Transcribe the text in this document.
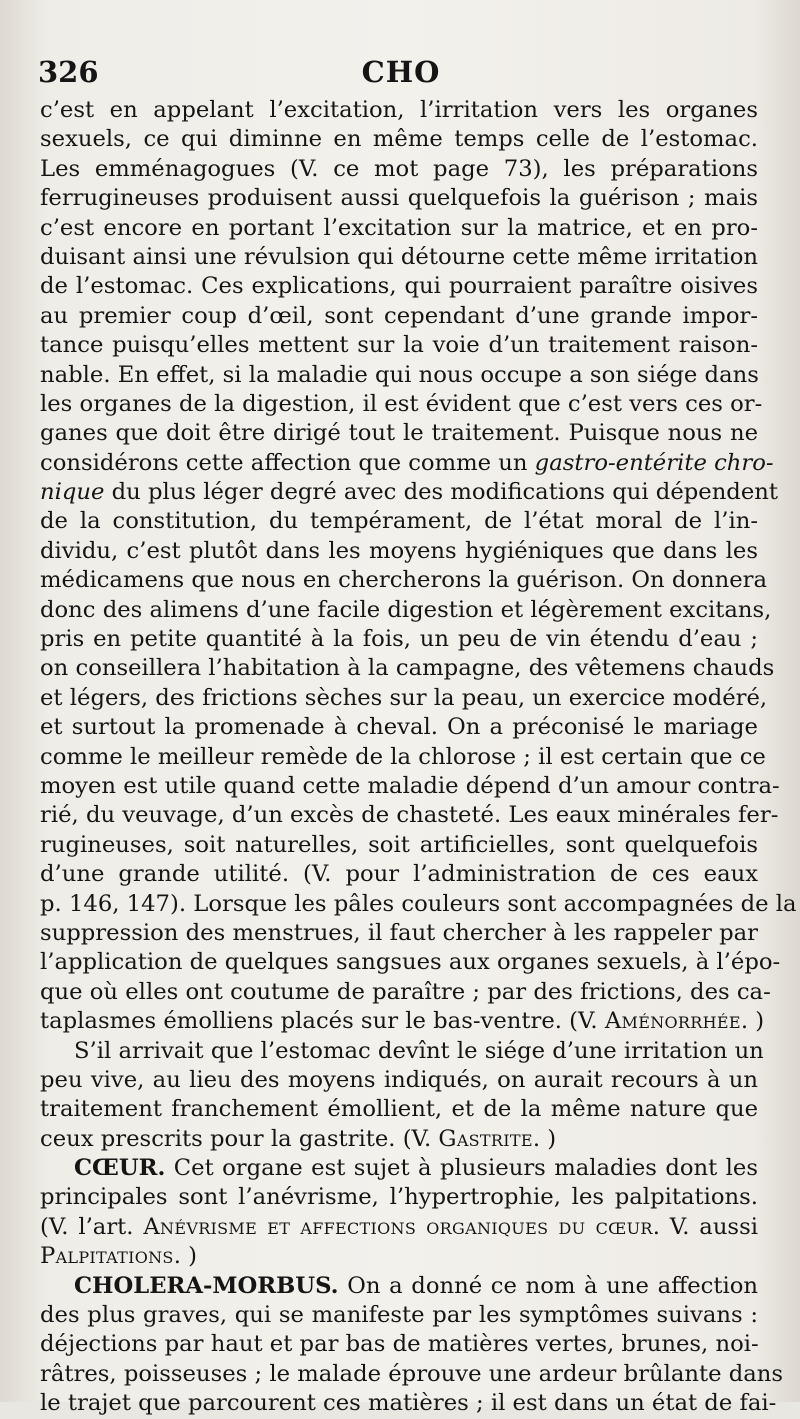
326	CHO
c’est en appelant l’excitation, l’irritation vers les organes
sexuels, ce qui diminne en même temps celle de l’estomac.
Les emménagogues (V. ce mot page 73), les préparations
ferrugineuses produisent aussi quelquefois la guérison ; mais
c’est encore en portant l’excitation sur la matrice, et en pro-
duisant ainsi une révulsion qui détourne cette même irritation
de l’estomac. Ces explications, qui pourraient paraître oisives
au premier coup d’œil, sont cependant d’une grande impor-
tance puisqu’elles mettent sur la voie d’un traitement raison-
nable. En effet, si la maladie qui nous occupe a son siége dans
les organes de la digestion, il est évident que c’est vers ces or-
ganes que doit être dirigé tout le traitement. Puisque nous ne
considérons cette affection que comme un gastro-entérite chro-
nique du plus léger degré avec des modifications qui dépendent
de la constitution, du tempérament, de l’état moral de l’in-
dividu, c’est plutôt dans les moyens hygiéniques que dans les
médicamens que nous en chercherons la guérison. On donnera
donc des alimens d’une facile digestion et légèrement excitans,
pris en petite quantité à la fois, un peu de vin étendu d’eau ;
on conseillera l’habitation à la campagne, des vêtemens chauds
et légers, des frictions sèches sur la peau, un exercice modéré,
et surtout la promenade à cheval. On a préconisé le mariage
comme le meilleur remède de la chlorose ; il est certain que ce
moyen est utile quand cette maladie dépend d’un amour contra-
rié, du veuvage, d’un excès de chasteté. Les eaux minérales fer-
rugineuses, soit naturelles, soit artificielles, sont quelquefois
d’une grande utilité. (V. pour l’administration de ces eaux
p. 146, 147). Lorsque les pâles couleurs sont accompagnées de la
suppression des menstrues, il faut chercher à les rappeler par
l’application de quelques sangsues aux organes sexuels, à l’épo-
que où elles ont coutume de paraître ; par des frictions, des ca-
taplasmes émolliens placés sur le bas-ventre. (V. Aménorrhée. )
S’il arrivait que l’estomac devînt le siége d’une irritation un
peu vive, au lieu des moyens indiqués, on aurait recours à un
traitement franchement émollient, et de la même nature que
ceux prescrits pour la gastrite. (V. Gastrite. )
CŒUR. Cet organe est sujet à plusieurs maladies dont les
principales sont l’anévrisme, l’hypertrophie, les palpitations.
(V. l’art. Anévrisme et affections organiques du cœur. V. aussi
Palpitations. )
CHOLERA-MORBUS. On a donné ce nom à une affection
des plus graves, qui se manifeste par les symptômes suivans :
déjections par haut et par bas de matières vertes, brunes, noi-
râtres, poisseuses ; le malade éprouve une ardeur brûlante dans
le trajet que parcourent ces matières ; il est dans un état de fai-
